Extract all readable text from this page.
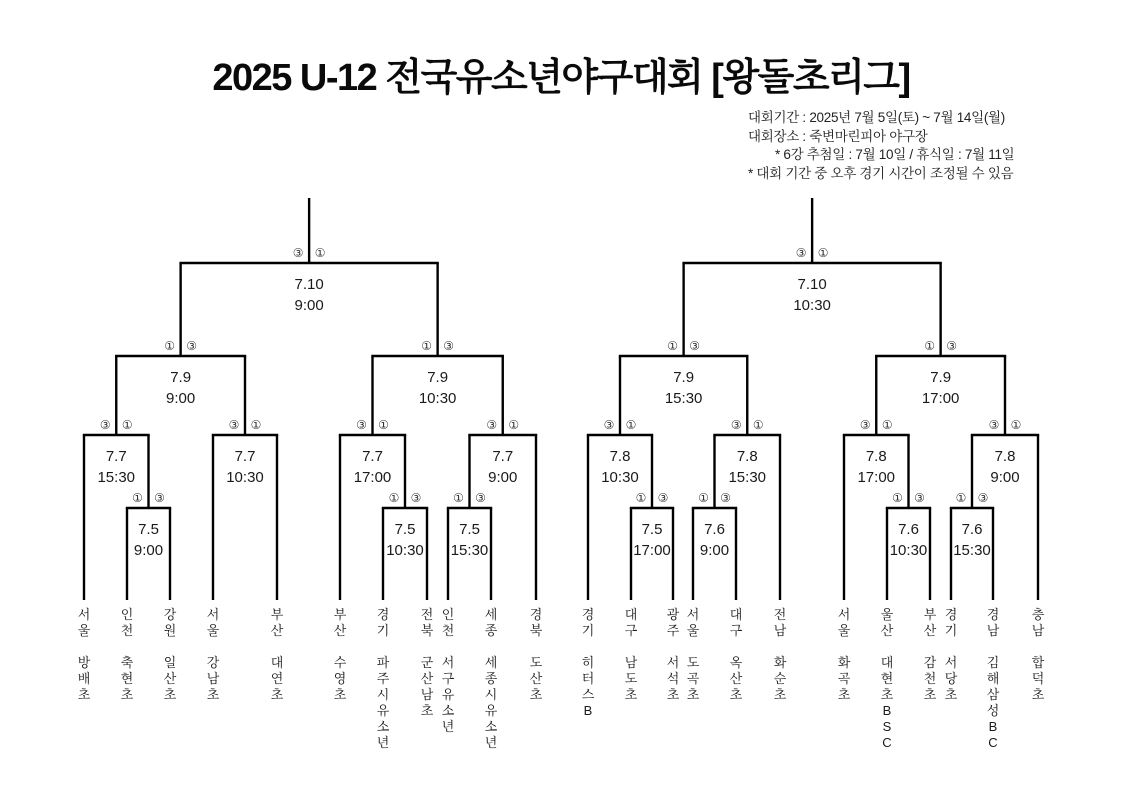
2025 U-12 전국유소년야구대회 [왕돌초리그]
대회기간 : 2025년 7월 5일(토) ~ 7월 14일(월)
대회장소 : 죽변마린피아 야구장
* 6강 추첨일 : 7월 10일 / 휴식일 : 7월 11일
* 대회 기간 중 오후 경기 시간이 조정될 수 있음
서 울 방 배 초
인 천 축 현 초
강 원 일 산 초
① ③
7.5
9:00
③ ①
7.7
15:30
서 울 강 남 초
부 산 대 연 초
③ ①
7.7
10:30
① ③
7.9
9:00
부 산 수 영 초
경 기 파 주 시 유 소 년
전 북 군 산 남 초
① ③
7.5
10:30
③ ①
7.7
17:00
인 천 서 구 유 소 년
세 종 세 종 시 유 소 년
① ③
7.5
15:30
경 북 도 산 초
③ ①
7.7
9:00
① ③
7.9
10:30
③ ①
7.10
9:00
경 기 히 터 스 B
대 구 남 도 초
광 주 서 석 초
① ③
7.5
17:00
③ ①
7.8
10:30
서 울 도 곡 초
대 구 옥 산 초
① ③
7.6
9:00
전 남 화 순 초
③ ①
7.8
15:30
① ③
7.9
15:30
서 울 화 곡 초
울 산 대 현 초 B S C
부 산 감 천 초
① ③
7.6
10:30
③ ①
7.8
17:00
경 기 서 당 초
경 남 김 해 삼 성 B C
① ③
7.6
15:30
충 남 합 덕 초
③ ①
7.8
9:00
① ③
7.9
17:00
③ ①
7.10
10:30
